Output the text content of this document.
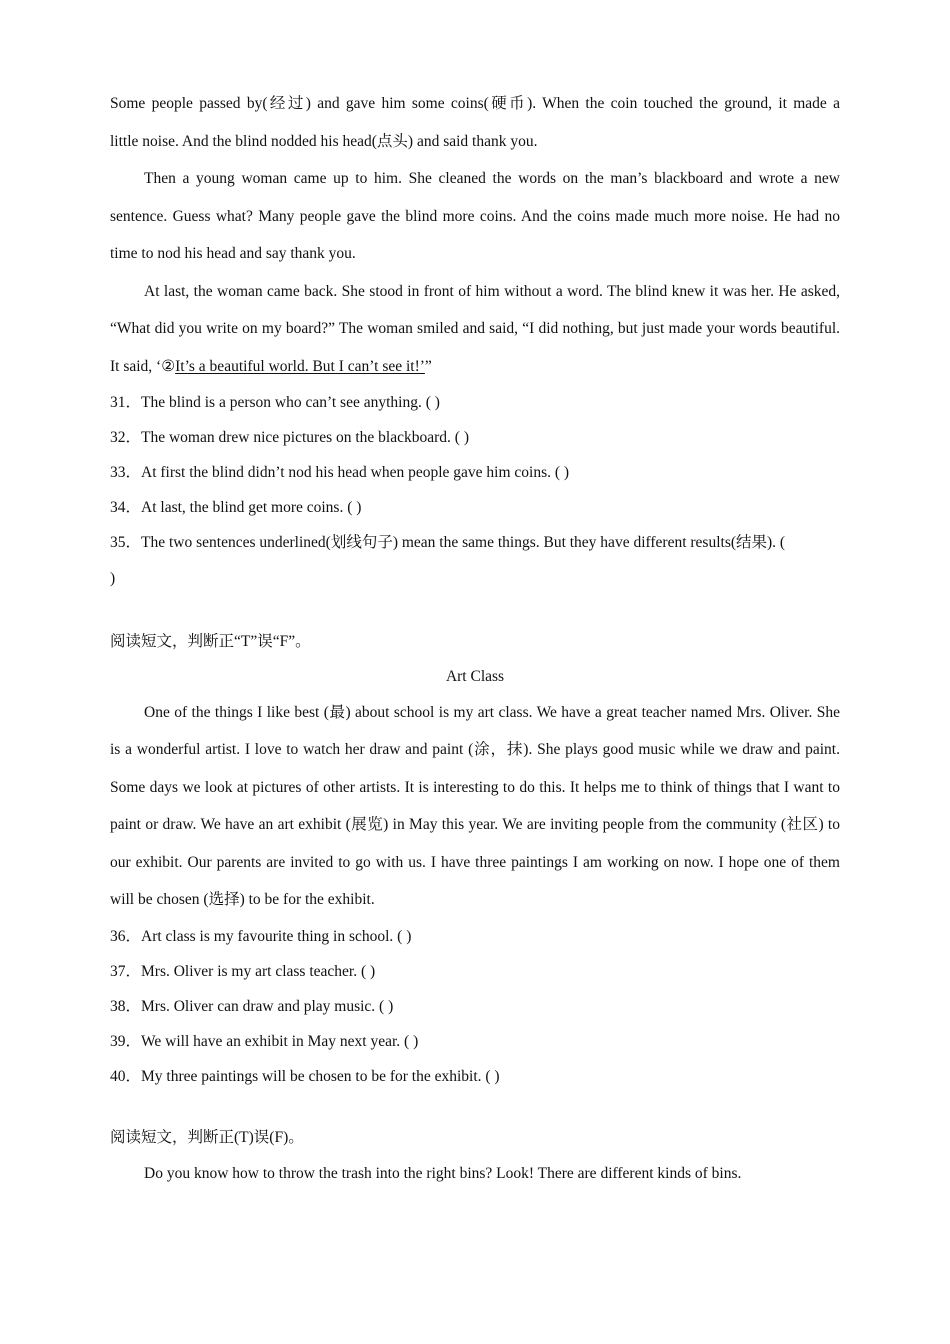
Some people passed by(经过) and gave him some coins(硬币). When the coin touched the ground, it made a

little noise. And the blind nodded his head(点头) and said thank you.

Then a young woman came up to him. She cleaned the words on the man’s blackboard and wrote a new sentence. Guess what? Many people gave the blind more coins. And the coins made much more noise. He had no time to nod his head and say thank you.

At last, the woman came back. She stood in front of him without a word. The blind knew it was her. He asked, “What did you write on my board?” The woman smiled and said, “I did nothing, but just made your words beautiful. It said, ‘②It’s a beautiful world. But I can’t see it!’”

31．The blind is a person who can’t see anything. ( )

32．The woman drew nice pictures on the blackboard. ( )

33．At first the blind didn’t nod his head when people gave him coins. ( )

34．At last, the blind get more coins. ( )

35．The two sentences underlined(划线句子) mean the same things. But they have different results(结果). (

)

阅读短文，判断正“T”误“F”。

Art Class

One of the things I like best (最) about school is my art class. We have a great teacher named Mrs. Oliver. She is a wonderful artist. I love to watch her draw and paint (涂，抹). She plays good music while we draw and paint. Some days we look at pictures of other artists. It is interesting to do this. It helps me to think of things that I want to paint or draw. We have an art exhibit (展览) in May this year. We are inviting people from the community (社区) to our exhibit. Our parents are invited to go with us. I have three paintings I am working on now. I hope one of them will be chosen (选择) to be for the exhibit.

36．Art class is my favourite thing in school. ( )

37．Mrs. Oliver is my art class teacher. ( )

38．Mrs. Oliver can draw and play music. ( )

39．We will have an exhibit in May next year. ( )

40．My three paintings will be chosen to be for the exhibit. ( )

阅读短文，判断正(T)误(F)。

Do you know how to throw the trash into the right bins? Look! There are different kinds of bins.
